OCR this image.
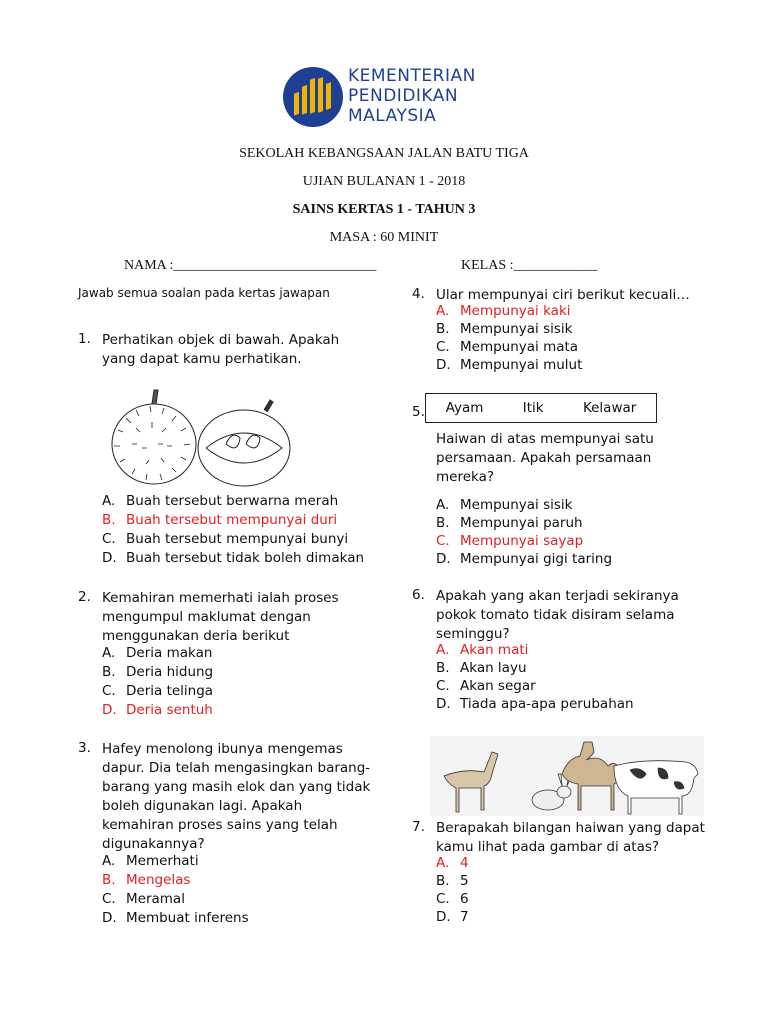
KEMENTERIAN
PENDIDIKAN
MALAYSIA
SEKOLAH KEBANGSAAN JALAN BATU TIGA
UJIAN BULANAN 1 - 2018
SAINS KERTAS 1 - TAHUN 3
MASA : 60 MINIT
NAMA :_____________________________	KELAS :____________
Jawab semua soalan pada kertas jawapan
1. Perhatikan objek di bawah. Apakah
yang dapat kamu perhatikan.
A. Buah tersebut berwarna merah
B. Buah tersebut mempunyai duri
C. Buah tersebut mempunyai bunyi
D. Buah tersebut tidak boleh dimakan
2. Kemahiran memerhati ialah proses
mengumpul maklumat dengan
menggunakan deria berikut
A. Deria makan
B. Deria hidung
C. Deria telinga
D. Deria sentuh
3. Hafey menolong ibunya mengemas
dapur. Dia telah mengasingkan barang-
barang yang masih elok dan yang tidak
boleh digunakan lagi. Apakah
kemahiran proses sains yang telah
digunakannya?
A. Memerhati
B. Mengelas
C. Meramal
D. Membuat inferens
4. Ular mempunyai ciri berikut kecuali…
A. Mempunyai kaki
B. Mempunyai sisik
C. Mempunyai mata
D. Mempunyai mulut
5. Ayam	Itik	Kelawar
Haiwan di atas mempunyai satu
persamaan. Apakah persamaan
mereka?
A. Mempunyai sisik
B. Mempunyai paruh
C. Mempunyai sayap
D. Mempunyai gigi taring
6. Apakah yang akan terjadi sekiranya
pokok tomato tidak disiram selama
seminggu?
A. Akan mati
B. Akan layu
C. Akan segar
D. Tiada apa-apa perubahan
7. Berapakah bilangan haiwan yang dapat
kamu lihat pada gambar di atas?
A. 4
B. 5
C. 6
D. 7
